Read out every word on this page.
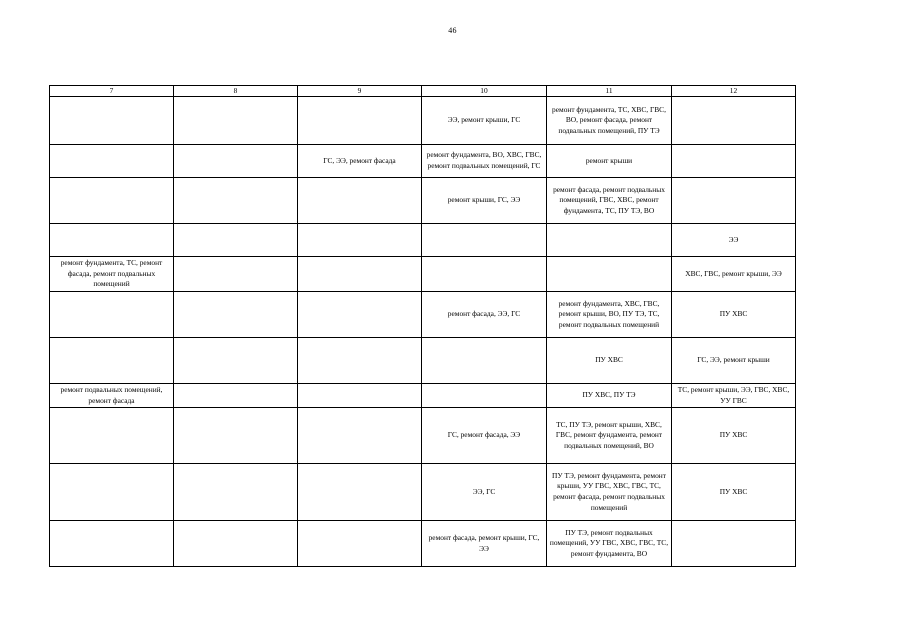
46
7	8	9	10	11	12
			ЭЭ, ремонт крыши, ГС	ремонт фундамента, ТС, ХВС, ГВС, ВО, ремонт фасада, ремонт подвальных помещений, ПУ ТЭ	
		ГС, ЭЭ, ремонт фасада	ремонт фундамента, ВО, ХВС, ГВС, ремонт подвальных помещений, ГС	ремонт крыши	
			ремонт крыши, ГС, ЭЭ	ремонт фасада, ремонт подвальных помещений, ГВС, ХВС, ремонт фундамента, ТС, ПУ ТЭ, ВО	
					ЭЭ
ремонт фундамента, ТС, ремонт фасада, ремонт подвальных помещений					ХВС, ГВС, ремонт крыши, ЭЭ
			ремонт фасада, ЭЭ, ГС	ремонт фундамента, ХВС, ГВС, ремонт крыши, ВО, ПУ ТЭ, ТС, ремонт подвальных помещений	ПУ ХВС
				ПУ ХВС	ГС, ЭЭ, ремонт крыши
ремонт подвальных помещений, ремонт фасада				ПУ ХВС, ПУ ТЭ	ТС, ремонт крыши, ЭЭ, ГВС, ХВС, УУ ГВС
			ГС, ремонт фасада, ЭЭ	ТС, ПУ ТЭ, ремонт крыши, ХВС, ГВС, ремонт фундамента, ремонт подвальных помещений, ВО	ПУ ХВС
			ЭЭ, ГС	ПУ ТЭ, ремонт фундамента, ремонт крыши, УУ ГВС, ХВС, ГВС, ТС, ремонт фасада, ремонт подвальных помещений	ПУ ХВС
			ремонт фасада, ремонт крыши, ГС, ЭЭ	ПУ ТЭ, ремонт подвальных помещений, УУ ГВС, ХВС, ГВС, ТС, ремонт фундамента, ВО	
